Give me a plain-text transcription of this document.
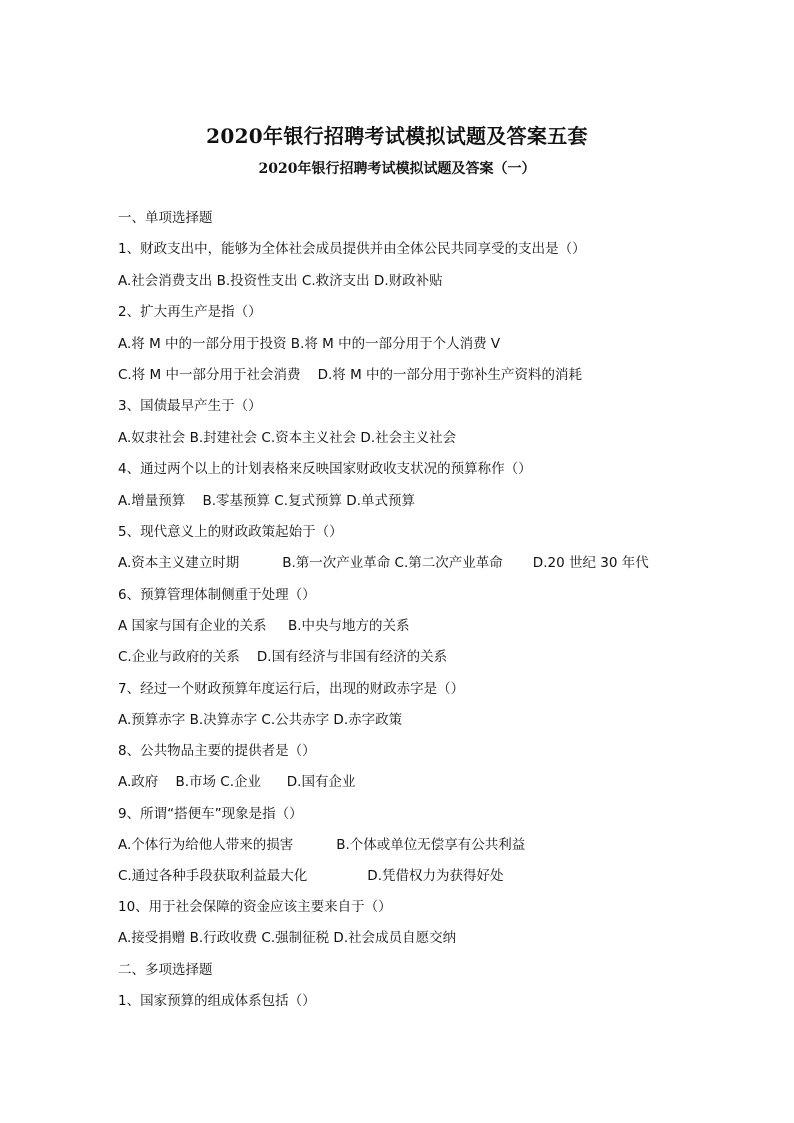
2020年银行招聘考试模拟试题及答案五套
2020年银行招聘考试模拟试题及答案（一）
一、单项选择题
1、财政支出中，能够为全体社会成员提供并由全体公民共同享受的支出是（）
A.社会消费支出 B.投资性支出 C.救济支出 D.财政补贴
2、扩大再生产是指（）
A.将 M 中的一部分用于投资 B.将 M 中的一部分用于个人消费 V
C.将 M 中一部分用于社会消费    D.将 M 中的一部分用于弥补生产资料的消耗
3、国债最早产生于（）
A.奴隶社会 B.封建社会 C.资本主义社会 D.社会主义社会
4、通过两个以上的计划表格来反映国家财政收支状况的预算称作（）
A.增量预算    B.零基预算 C.复式预算 D.单式预算
5、现代意义上的财政政策起始于（）
A.资本主义建立时期          B.第一次产业革命 C.第二次产业革命       D.20 世纪 30 年代
6、预算管理体制侧重于处理（）
A 国家与国有企业的关系     B.中央与地方的关系
C.企业与政府的关系    D.国有经济与非国有经济的关系
7、经过一个财政预算年度运行后，出现的财政赤字是（）
A.预算赤字 B.决算赤字 C.公共赤字 D.赤字政策
8、公共物品主要的提供者是（）
A.政府    B.市场 C.企业      D.国有企业
9、所谓“搭便车”现象是指（）
A.个体行为给他人带来的损害          B.个体或单位无偿享有公共利益
C.通过各种手段获取利益最大化              D.凭借权力为获得好处
10、用于社会保障的资金应该主要来自于（）
A.接受捐赠 B.行政收费 C.强制征税 D.社会成员自愿交纳
二、多项选择题
1、国家预算的组成体系包括（）
